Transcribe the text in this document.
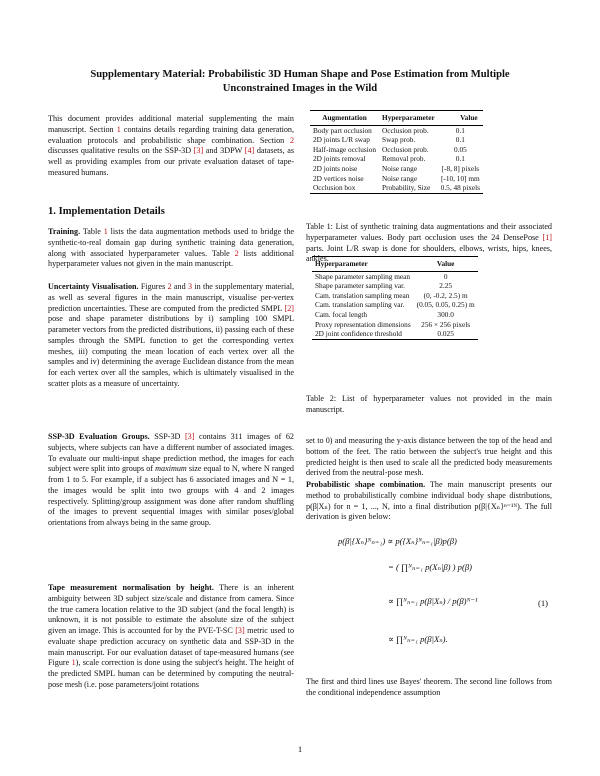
Supplementary Material: Probabilistic 3D Human Shape and Pose Estimation from Multiple
Unconstrained Images in the Wild

This document provides additional material supplementing the main manuscript. Section 1 contains details regarding training data generation, evaluation protocols and probabilistic shape combination. Section 2 discusses qualitative results on the SSP-3D [3] and 3DPW [4] datasets, as well as providing examples from our private evaluation dataset of tape-measured humans.

1. Implementation Details

Training. Table 1 lists the data augmentation methods used to bridge the synthetic-to-real domain gap during synthetic training data generation, along with associated hyperparameter values. Table 2 lists additional hyperparameter values not given in the main manuscript.

Uncertainty Visualisation. Figures 2 and 3 in the supplementary material, as well as several figures in the main manuscript, visualise per-vertex prediction uncertainties. These are computed from the predicted SMPL [2] pose and shape parameter distributions by i) sampling 100 SMPL parameter vectors from the predicted distributions, ii) passing each of these samples through the SMPL function to get the corresponding vertex meshes, iii) computing the mean location of each vertex over all the samples and iv) determining the average Euclidean distance from the mean for each vertex over all the samples, which is ultimately visualised in the scatter plots as a measure of uncertainty.

SSP-3D Evaluation Groups. SSP-3D [3] contains 311 images of 62 subjects, where subjects can have a different number of associated images. To evaluate our multi-input shape prediction method, the images for each subject were split into groups of maximum size equal to N, where N ranged from 1 to 5. For example, if a subject has 6 associated images and N = 1, the images would be split into two groups with 4 and 2 images respectively. Splitting/group assignment was done after random shuffling of the images to prevent sequential images with similar poses/global orientations from always being in the same group.

Tape measurement normalisation by height. There is an inherent ambiguity between 3D subject size/scale and distance from camera. Since the true camera location relative to the 3D subject (and the focal length) is unknown, it is not possible to estimate the absolute size of the subject given an image. This is accounted for by the PVE-T-SC [3] metric used to evaluate shape prediction accuracy on synthetic data and SSP-3D in the main manuscript. For our evaluation dataset of tape-measured humans (see Figure 1), scale correction is done using the subject's height. The height of the predicted SMPL human can be determined by computing the neutral-pose mesh (i.e. pose parameters/joint rotations

Augmentation	Hyperparameter	Value
Body part occlusion	Occlusion prob.	0.1
2D joints L/R swap	Swap prob.	0.1
Half-image occlusion	Occlusion prob.	0.05
2D joints removal	Removal prob.	0.1
2D joints noise	Noise range	[-8, 8] pixels
2D vertices noise	Noise range	[-10, 10] mm
Occlusion box	Probability, Size	0.5, 48 pixels

Table 1: List of synthetic training data augmentations and their associated hyperparameter values. Body part occlusion uses the 24 DensePose [1] parts. Joint L/R swap is done for shoulders, elbows, wrists, hips, knees, ankles.

Hyperparameter	Value
Shape parameter sampling mean	0
Shape parameter sampling var.	2.25
Cam. translation sampling mean	(0, -0.2, 2.5) m
Cam. translation sampling var.	(0.05, 0.05, 0.25) m
Cam. focal length	300.0
Proxy representation dimensions	256 × 256 pixels
2D joint confidence threshold	0.025

Table 2: List of hyperparameter values not provided in the main manuscript.

set to 0) and measuring the y-axis distance between the top of the head and bottom of the feet. The ratio between the subject's true height and this predicted height is then used to scale all the predicted body measurements derived from the neutral-pose mesh.

Probabilistic shape combination. The main manuscript presents our method to probabilistically combine individual body shape distributions, p(β|Xₙ) for n = 1, ..., N, into a final distribution p(β|{Xₙ}ⁿ⁼¹ᴺ). The full derivation is given below:

p(β|{Xₙ}ᴺₙ₌₁) ∝ p({Xₙ}ᴺₙ₌₁|β)p(β)
= ( ∏ᴺₙ₌₁ p(Xₙ|β) ) p(β)
∝ ∏ᴺₙ₌₁ p(β|Xₙ) / p(β)ᴺ⁻¹
∝ ∏ᴺₙ₌₁ p(β|Xₙ).
(1)

The first and third lines use Bayes' theorem. The second line follows from the conditional independence assumption

1
